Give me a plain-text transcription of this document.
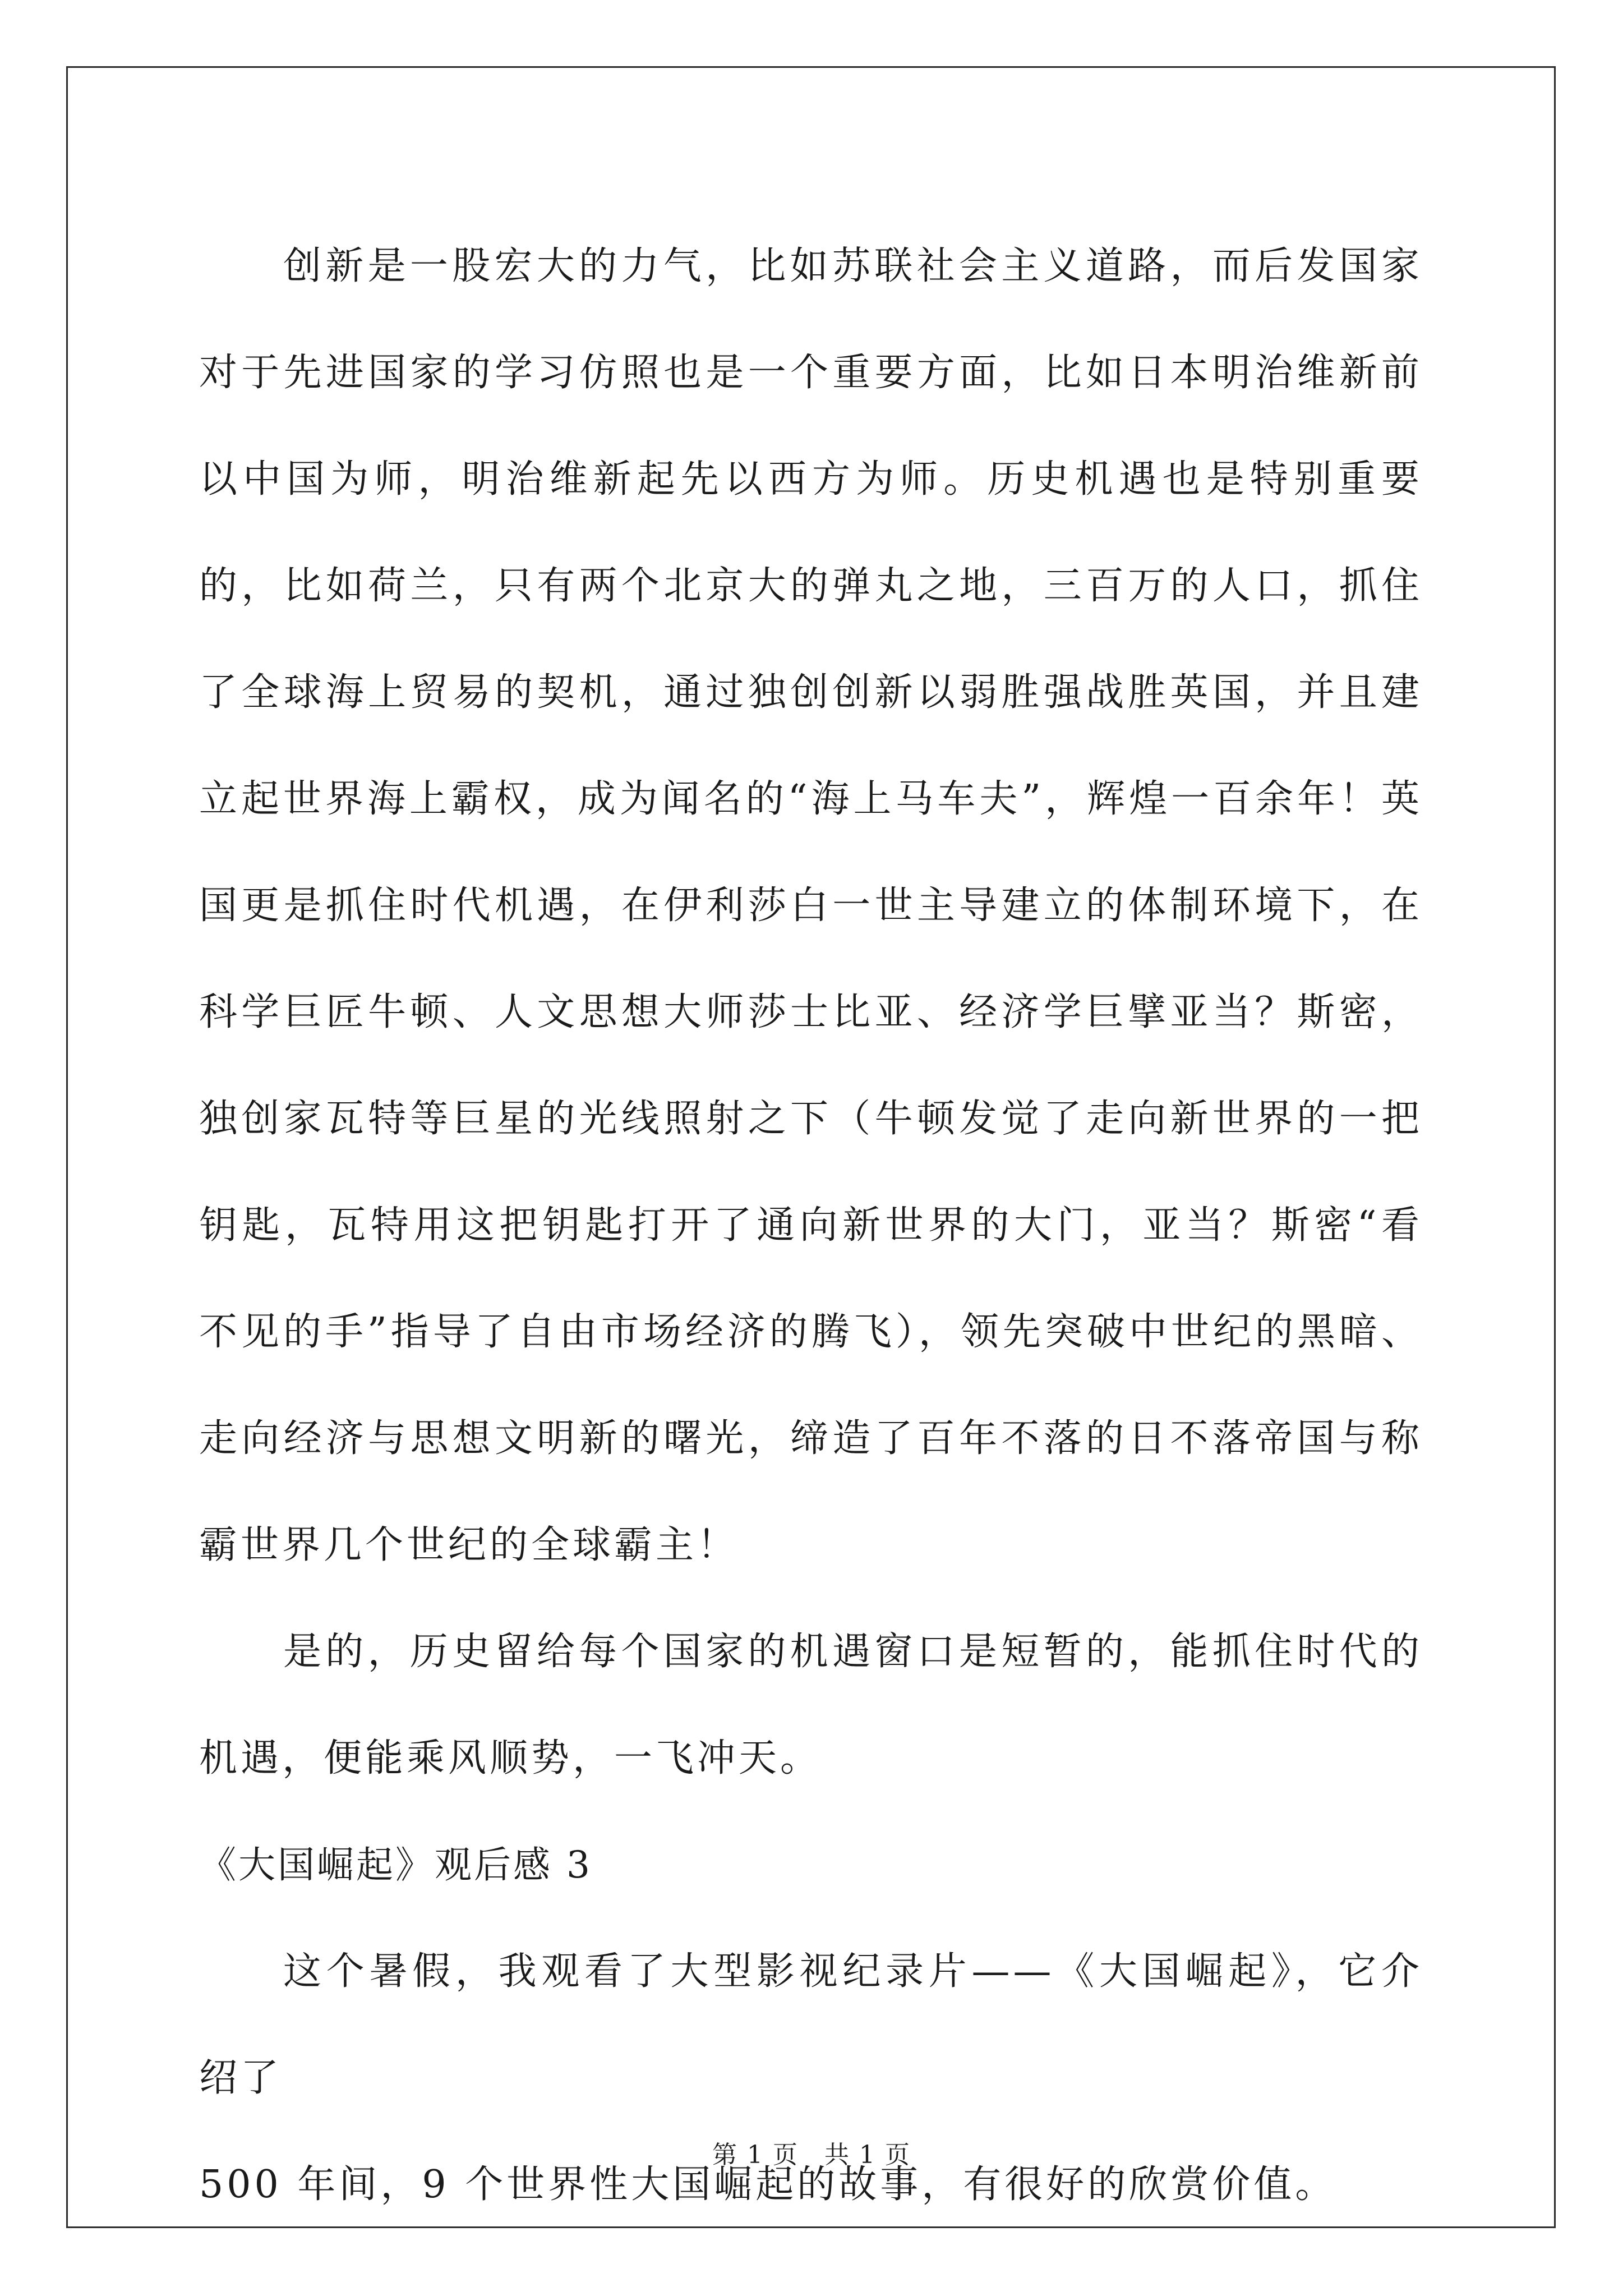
创新是一股宏大的力气，比如苏联社会主义道路，而后发国家对于先进国家的学习仿照也是一个重要方面，比如日本明治维新前以中国为师，明治维新起先以西方为师。历史机遇也是特别重要的，比如荷兰，只有两个北京大的弹丸之地，三百万的人口，抓住了全球海上贸易的契机，通过独创创新以弱胜强战胜英国，并且建立起世界海上霸权，成为闻名的“海上马车夫”，辉煌一百余年！英国更是抓住时代机遇，在伊利莎白一世主导建立的体制环境下，在科学巨匠牛顿、人文思想大师莎士比亚、经济学巨擘亚当？斯密，独创家瓦特等巨星的光线照射之下（牛顿发觉了走向新世界的一把钥匙，瓦特用这把钥匙打开了通向新世界的大门，亚当？斯密“看不见的手”指导了自由市场经济的腾飞），领先突破中世纪的黑暗、走向经济与思想文明新的曙光，缔造了百年不落的日不落帝国与称霸世界几个世纪的全球霸主！

是的，历史留给每个国家的机遇窗口是短暂的，能抓住时代的机遇，便能乘风顺势，一飞冲天。

《大国崛起》观后感 3

这个暑假，我观看了大型影视纪录片——《大国崛起》，它介绍了

500 年间，9 个世界性大国崛起的故事，有很好的欣赏价值。

第 1 页　共 1 页
